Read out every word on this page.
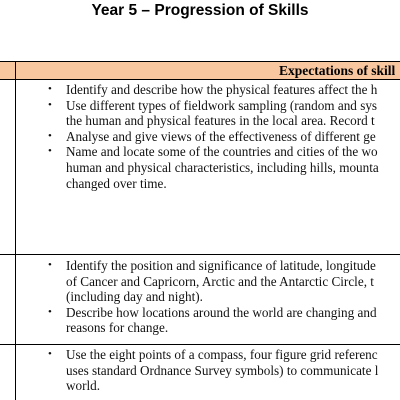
Year 5 – Progression of Skills
Expectations of skill
• Identify and describe how the physical features affect the h
• Use different types of fieldwork sampling (random and sys
the human and physical features in the local area. Record t
• Analyse and give views of the effectiveness of different ge
• Name and locate some of the countries and cities of the wo
human and physical characteristics, including hills, mounta
changed over time.
• Identify the position and significance of latitude, longitude
of Cancer and Capricorn, Arctic and the Antarctic Circle, t
(including day and night).
• Describe how locations around the world are changing and
reasons for change.
• Use the eight points of a compass, four figure grid referenc
uses standard Ordnance Survey symbols) to communicate l
world.
